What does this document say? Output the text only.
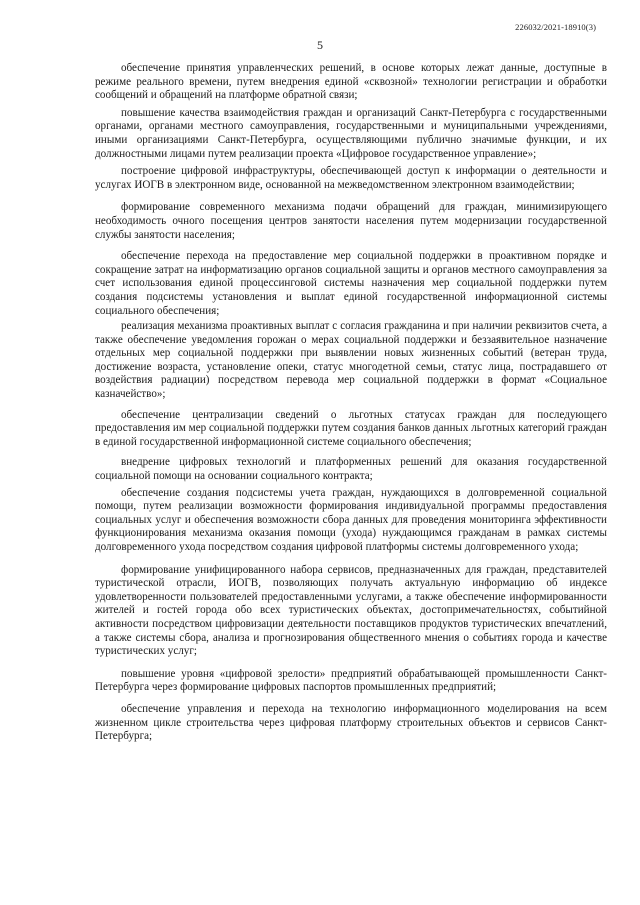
226032/2021-18910(3)
5

обеспечение принятия управленческих решений, в основе которых лежат данные, доступные в режиме реального времени, путем внедрения единой «сквозной» технологии регистрации и обработки сообщений и обращений на платформе обратной связи;

повышение качества взаимодействия граждан и организаций Санкт-Петербурга с государственными органами, органами местного самоуправления, государственными и муниципальными учреждениями, иными организациями Санкт-Петербурга, осуществляющими публично значимые функции, и их должностными лицами путем реализации проекта «Цифровое государственное управление»;

построение цифровой инфраструктуры, обеспечивающей доступ к информации о деятельности и услугах ИОГВ в электронном виде, основанной на межведомственном электронном взаимодействии;

формирование современного механизма подачи обращений для граждан, минимизирующего необходимость очного посещения центров занятости населения путем модернизации государственной службы занятости населения;

обеспечение перехода на предоставление мер социальной поддержки в проактивном порядке и сокращение затрат на информатизацию органов социальной защиты и органов местного самоуправления за счет использования единой процессинговой системы назначения мер социальной поддержки путем создания подсистемы установления и выплат единой государственной информационной системы социального обеспечения;

реализация механизма проактивных выплат с согласия гражданина и при наличии реквизитов счета, а также обеспечение уведомления горожан о мерах социальной поддержки и беззаявительное назначение отдельных мер социальной поддержки при выявлении новых жизненных событий (ветеран труда, достижение возраста, установление опеки, статус многодетной семьи, статус лица, пострадавшего от воздействия радиации) посредством перевода мер социальной поддержки в формат «Социальное казначейство»;

обеспечение централизации сведений о льготных статусах граждан для последующего предоставления им мер социальной поддержки путем создания банков данных льготных категорий граждан в единой государственной информационной системе социального обеспечения;

внедрение цифровых технологий и платформенных решений для оказания государственной социальной помощи на основании социального контракта;

обеспечение создания подсистемы учета граждан, нуждающихся в долговременной социальной помощи, путем реализации возможности формирования индивидуальной программы предоставления социальных услуг и обеспечения возможности сбора данных для проведения мониторинга эффективности функционирования механизма оказания помощи (ухода) нуждающимся гражданам в рамках системы долговременного ухода посредством создания цифровой платформы системы долговременного ухода;

формирование унифицированного набора сервисов, предназначенных для граждан, представителей туристической отрасли, ИОГВ, позволяющих получать актуальную информацию об индексе удовлетворенности пользователей предоставленными услугами, а также обеспечение информированности жителей и гостей города обо всех туристических объектах, достопримечательностях, событийной активности посредством цифровизации деятельности поставщиков продуктов туристических впечатлений, а также системы сбора, анализа и прогнозирования общественного мнения о событиях города и качестве туристических услуг;

повышение уровня «цифровой зрелости» предприятий обрабатывающей промышленности Санкт-Петербурга через формирование цифровых паспортов промышленных предприятий;

обеспечение управления и перехода на технологию информационного моделирования на всем жизненном цикле строительства через цифровая платформу строительных объектов и сервисов Санкт-Петербурга;
